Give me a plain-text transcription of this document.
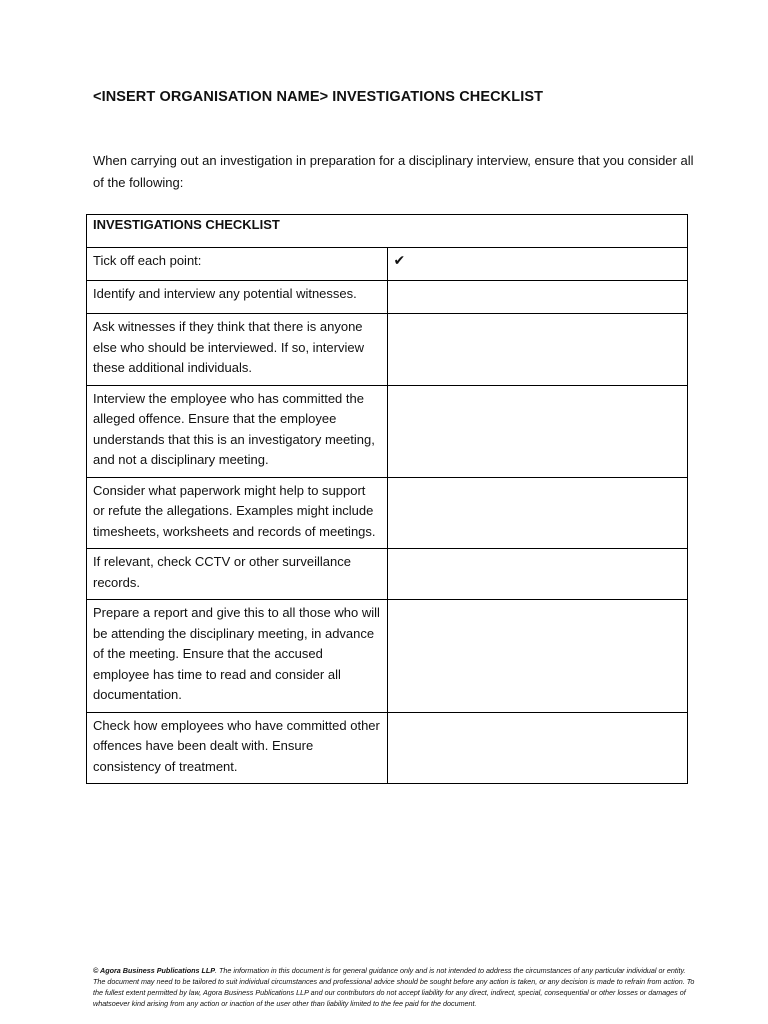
<INSERT ORGANISATION NAME> INVESTIGATIONS CHECKLIST
When carrying out an investigation in preparation for a disciplinary interview, ensure that you consider all of the following:
INVESTIGATIONS CHECKLIST	
Tick off each point:	✔
Identify and interview any potential witnesses.	
Ask witnesses if they think that there is anyone else who should be interviewed. If so, interview these additional individuals.	
Interview the employee who has committed the alleged offence. Ensure that the employee understands that this is an investigatory meeting, and not a disciplinary meeting.	
Consider what paperwork might help to support or refute the allegations. Examples might include timesheets, worksheets and records of meetings.	
If relevant, check CCTV or other surveillance records.	
Prepare a report and give this to all those who will be attending the disciplinary meeting, in advance of the meeting. Ensure that the accused employee has time to read and consider all documentation.	
Check how employees who have committed other offences have been dealt with. Ensure consistency of treatment.	
© Agora Business Publications LLP. The information in this document is for general guidance only and is not intended to address the circumstances of any particular individual or entity. The document may need to be tailored to suit individual circumstances and professional advice should be sought before any action is taken, or any decision is made to refrain from action. To the fullest extent permitted by law, Agora Business Publications LLP and our contributors do not accept liability for any direct, indirect, special, consequential or other losses or damages of whatsoever kind arising from any action or inaction of the user other than liability limited to the fee paid for the document.
